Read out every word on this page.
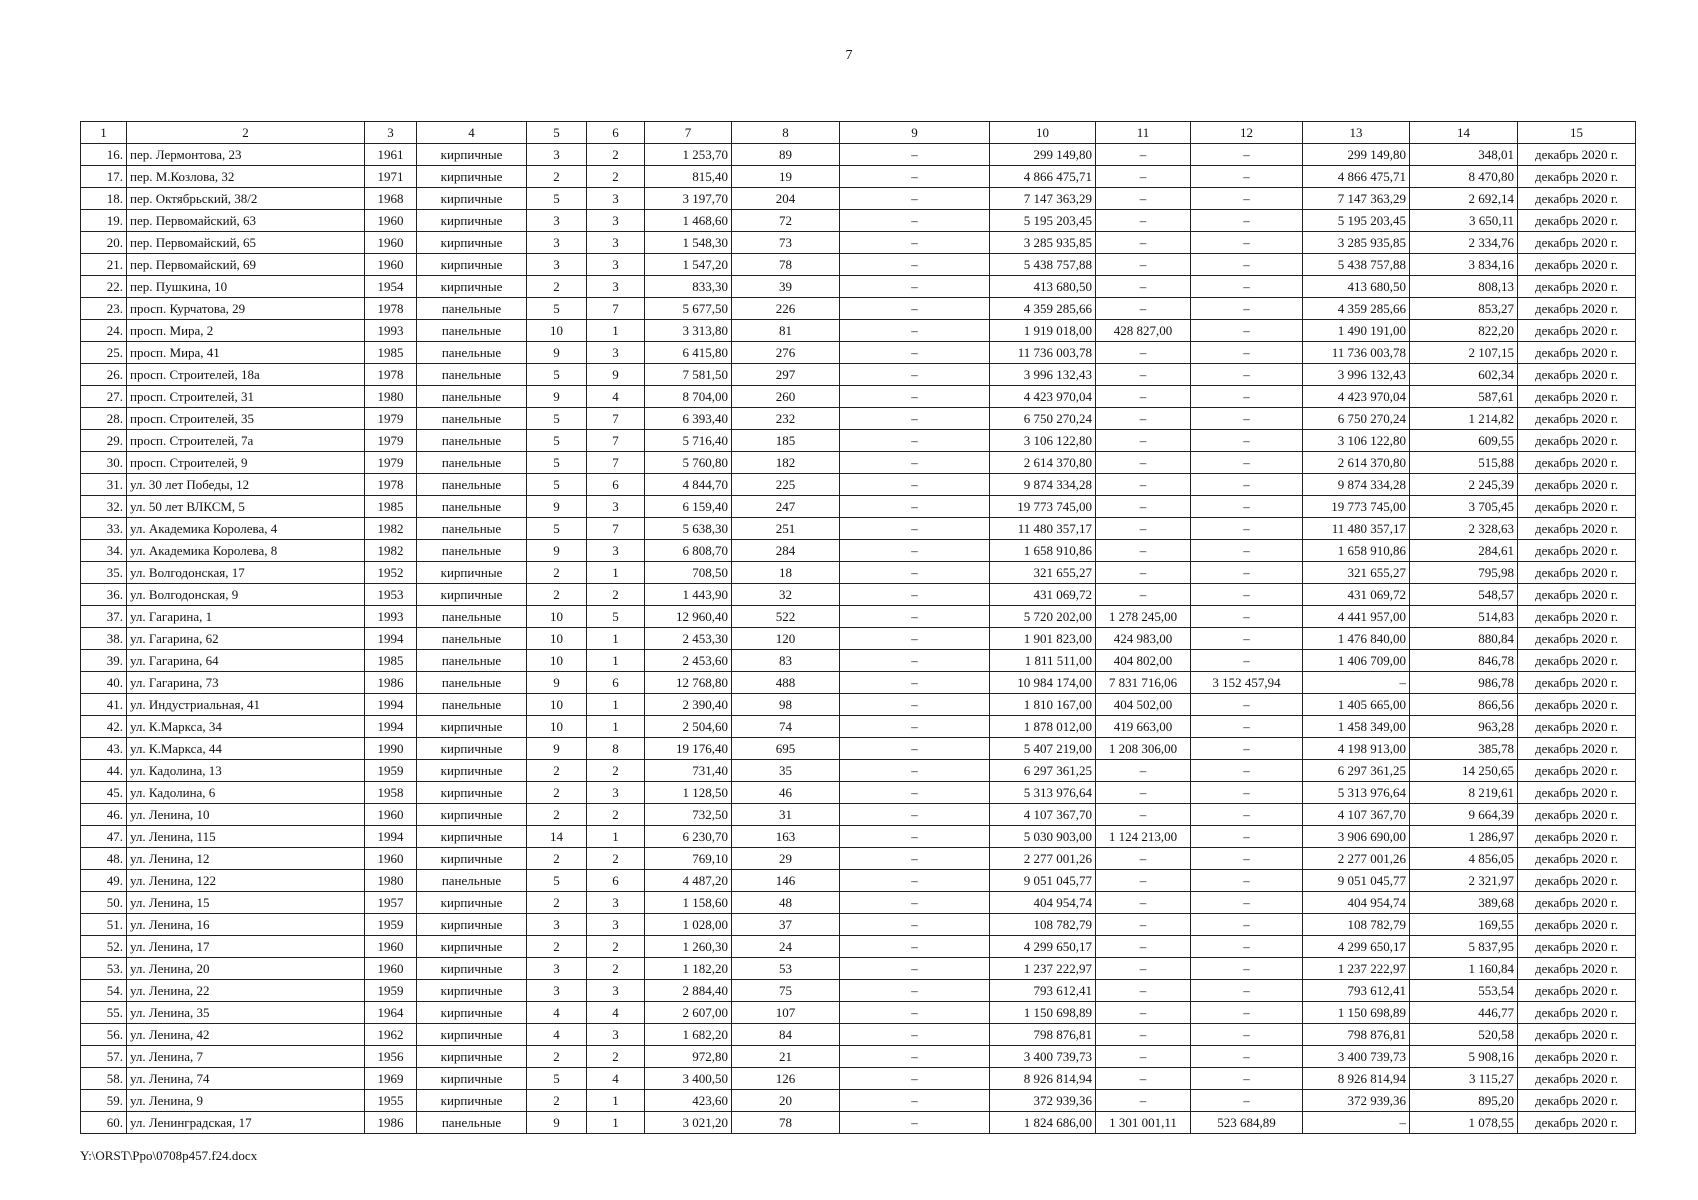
7
1	2	3	4	5	6	7	8	9	10	11	12	13	14	15
16.	пер. Лермонтова, 23	1961	кирпичные	3	2	1 253,70	89	–	299 149,80	–	–	299 149,80	348,01	декабрь 2020 г.
17.	пер. М.Козлова, 32	1971	кирпичные	2	2	815,40	19	–	4 866 475,71	–	–	4 866 475,71	8 470,80	декабрь 2020 г.
18.	пер. Октябрьский, 38/2	1968	кирпичные	5	3	3 197,70	204	–	7 147 363,29	–	–	7 147 363,29	2 692,14	декабрь 2020 г.
19.	пер. Первомайский, 63	1960	кирпичные	3	3	1 468,60	72	–	5 195 203,45	–	–	5 195 203,45	3 650,11	декабрь 2020 г.
20.	пер. Первомайский, 65	1960	кирпичные	3	3	1 548,30	73	–	3 285 935,85	–	–	3 285 935,85	2 334,76	декабрь 2020 г.
21.	пер. Первомайский, 69	1960	кирпичные	3	3	1 547,20	78	–	5 438 757,88	–	–	5 438 757,88	3 834,16	декабрь 2020 г.
22.	пер. Пушкина, 10	1954	кирпичные	2	3	833,30	39	–	413 680,50	–	–	413 680,50	808,13	декабрь 2020 г.
23.	просп. Курчатова, 29	1978	панельные	5	7	5 677,50	226	–	4 359 285,66	–	–	4 359 285,66	853,27	декабрь 2020 г.
24.	просп. Мира, 2	1993	панельные	10	1	3 313,80	81	–	1 919 018,00	428 827,00	–	1 490 191,00	822,20	декабрь 2020 г.
25.	просп. Мира, 41	1985	панельные	9	3	6 415,80	276	–	11 736 003,78	–	–	11 736 003,78	2 107,15	декабрь 2020 г.
26.	просп. Строителей, 18а	1978	панельные	5	9	7 581,50	297	–	3 996 132,43	–	–	3 996 132,43	602,34	декабрь 2020 г.
27.	просп. Строителей, 31	1980	панельные	9	4	8 704,00	260	–	4 423 970,04	–	–	4 423 970,04	587,61	декабрь 2020 г.
28.	просп. Строителей, 35	1979	панельные	5	7	6 393,40	232	–	6 750 270,24	–	–	6 750 270,24	1 214,82	декабрь 2020 г.
29.	просп. Строителей, 7а	1979	панельные	5	7	5 716,40	185	–	3 106 122,80	–	–	3 106 122,80	609,55	декабрь 2020 г.
30.	просп. Строителей, 9	1979	панельные	5	7	5 760,80	182	–	2 614 370,80	–	–	2 614 370,80	515,88	декабрь 2020 г.
31.	ул. 30 лет Победы, 12	1978	панельные	5	6	4 844,70	225	–	9 874 334,28	–	–	9 874 334,28	2 245,39	декабрь 2020 г.
32.	ул. 50 лет ВЛКСМ, 5	1985	панельные	9	3	6 159,40	247	–	19 773 745,00	–	–	19 773 745,00	3 705,45	декабрь 2020 г.
33.	ул. Академика Королева, 4	1982	панельные	5	7	5 638,30	251	–	11 480 357,17	–	–	11 480 357,17	2 328,63	декабрь 2020 г.
34.	ул. Академика Королева, 8	1982	панельные	9	3	6 808,70	284	–	1 658 910,86	–	–	1 658 910,86	284,61	декабрь 2020 г.
35.	ул. Волгодонская, 17	1952	кирпичные	2	1	708,50	18	–	321 655,27	–	–	321 655,27	795,98	декабрь 2020 г.
36.	ул. Волгодонская, 9	1953	кирпичные	2	2	1 443,90	32	–	431 069,72	–	–	431 069,72	548,57	декабрь 2020 г.
37.	ул. Гагарина, 1	1993	панельные	10	5	12 960,40	522	–	5 720 202,00	1 278 245,00	–	4 441 957,00	514,83	декабрь 2020 г.
38.	ул. Гагарина, 62	1994	панельные	10	1	2 453,30	120	–	1 901 823,00	424 983,00	–	1 476 840,00	880,84	декабрь 2020 г.
39.	ул. Гагарина, 64	1985	панельные	10	1	2 453,60	83	–	1 811 511,00	404 802,00	–	1 406 709,00	846,78	декабрь 2020 г.
40.	ул. Гагарина, 73	1986	панельные	9	6	12 768,80	488	–	10 984 174,00	7 831 716,06	3 152 457,94	–	986,78	декабрь 2020 г.
41.	ул. Индустриальная, 41	1994	панельные	10	1	2 390,40	98	–	1 810 167,00	404 502,00	–	1 405 665,00	866,56	декабрь 2020 г.
42.	ул. К.Маркса, 34	1994	кирпичные	10	1	2 504,60	74	–	1 878 012,00	419 663,00	–	1 458 349,00	963,28	декабрь 2020 г.
43.	ул. К.Маркса, 44	1990	кирпичные	9	8	19 176,40	695	–	5 407 219,00	1 208 306,00	–	4 198 913,00	385,78	декабрь 2020 г.
44.	ул. Кадолина, 13	1959	кирпичные	2	2	731,40	35	–	6 297 361,25	–	–	6 297 361,25	14 250,65	декабрь 2020 г.
45.	ул. Кадолина, 6	1958	кирпичные	2	3	1 128,50	46	–	5 313 976,64	–	–	5 313 976,64	8 219,61	декабрь 2020 г.
46.	ул. Ленина, 10	1960	кирпичные	2	2	732,50	31	–	4 107 367,70	–	–	4 107 367,70	9 664,39	декабрь 2020 г.
47.	ул. Ленина, 115	1994	кирпичные	14	1	6 230,70	163	–	5 030 903,00	1 124 213,00	–	3 906 690,00	1 286,97	декабрь 2020 г.
48.	ул. Ленина, 12	1960	кирпичные	2	2	769,10	29	–	2 277 001,26	–	–	2 277 001,26	4 856,05	декабрь 2020 г.
49.	ул. Ленина, 122	1980	панельные	5	6	4 487,20	146	–	9 051 045,77	–	–	9 051 045,77	2 321,97	декабрь 2020 г.
50.	ул. Ленина, 15	1957	кирпичные	2	3	1 158,60	48	–	404 954,74	–	–	404 954,74	389,68	декабрь 2020 г.
51.	ул. Ленина, 16	1959	кирпичные	3	3	1 028,00	37	–	108 782,79	–	–	108 782,79	169,55	декабрь 2020 г.
52.	ул. Ленина, 17	1960	кирпичные	2	2	1 260,30	24	–	4 299 650,17	–	–	4 299 650,17	5 837,95	декабрь 2020 г.
53.	ул. Ленина, 20	1960	кирпичные	3	2	1 182,20	53	–	1 237 222,97	–	–	1 237 222,97	1 160,84	декабрь 2020 г.
54.	ул. Ленина, 22	1959	кирпичные	3	3	2 884,40	75	–	793 612,41	–	–	793 612,41	553,54	декабрь 2020 г.
55.	ул. Ленина, 35	1964	кирпичные	4	4	2 607,00	107	–	1 150 698,89	–	–	1 150 698,89	446,77	декабрь 2020 г.
56.	ул. Ленина, 42	1962	кирпичные	4	3	1 682,20	84	–	798 876,81	–	–	798 876,81	520,58	декабрь 2020 г.
57.	ул. Ленина, 7	1956	кирпичные	2	2	972,80	21	–	3 400 739,73	–	–	3 400 739,73	5 908,16	декабрь 2020 г.
58.	ул. Ленина, 74	1969	кирпичные	5	4	3 400,50	126	–	8 926 814,94	–	–	8 926 814,94	3 115,27	декабрь 2020 г.
59.	ул. Ленина, 9	1955	кирпичные	2	1	423,60	20	–	372 939,36	–	–	372 939,36	895,20	декабрь 2020 г.
60.	ул. Ленинградская, 17	1986	панельные	9	1	3 021,20	78	–	1 824 686,00	1 301 001,11	523 684,89	–	1 078,55	декабрь 2020 г.
Y:\ORST\Ppo\0708p457.f24.docx
